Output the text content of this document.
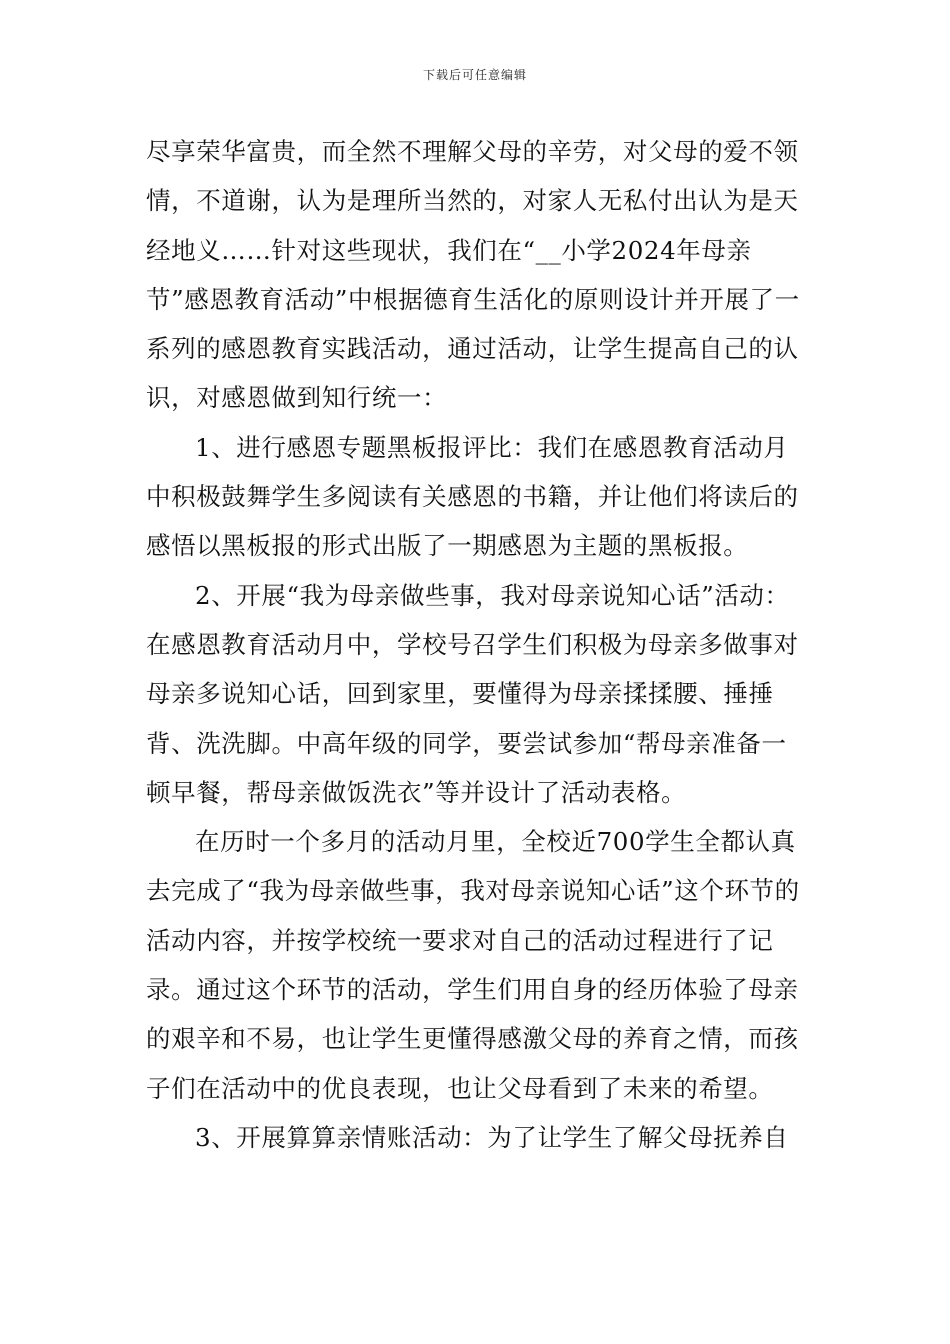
下载后可任意编辑

尽享荣华富贵，而全然不理解父母的辛劳，对父母的爱不领情，不道谢，认为是理所当然的，对家人无私付出认为是天经地义……针对这些现状，我们在“__小学2024年母亲节”感恩教育活动”中根据德育生活化的原则设计并开展了一系列的感恩教育实践活动，通过活动，让学生提高自己的认识，对感恩做到知行统一：

1、进行感恩专题黑板报评比：我们在感恩教育活动月中积极鼓舞学生多阅读有关感恩的书籍，并让他们将读后的感悟以黑板报的形式出版了一期感恩为主题的黑板报。

2、开展“我为母亲做些事，我对母亲说知心话”活动：在感恩教育活动月中，学校号召学生们积极为母亲多做事对母亲多说知心话，回到家里，要懂得为母亲揉揉腰、捶捶背、洗洗脚。中高年级的同学，要尝试参加“帮母亲准备一顿早餐，帮母亲做饭洗衣”等并设计了活动表格。

在历时一个多月的活动月里，全校近700学生全都认真去完成了“我为母亲做些事，我对母亲说知心话”这个环节的活动内容，并按学校统一要求对自己的活动过程进行了记录。通过这个环节的活动，学生们用自身的经历体验了母亲的艰辛和不易，也让学生更懂得感激父母的养育之情，而孩子们在活动中的优良表现，也让父母看到了未来的希望。

3、开展算算亲情账活动：为了让学生了解父母抚养自
